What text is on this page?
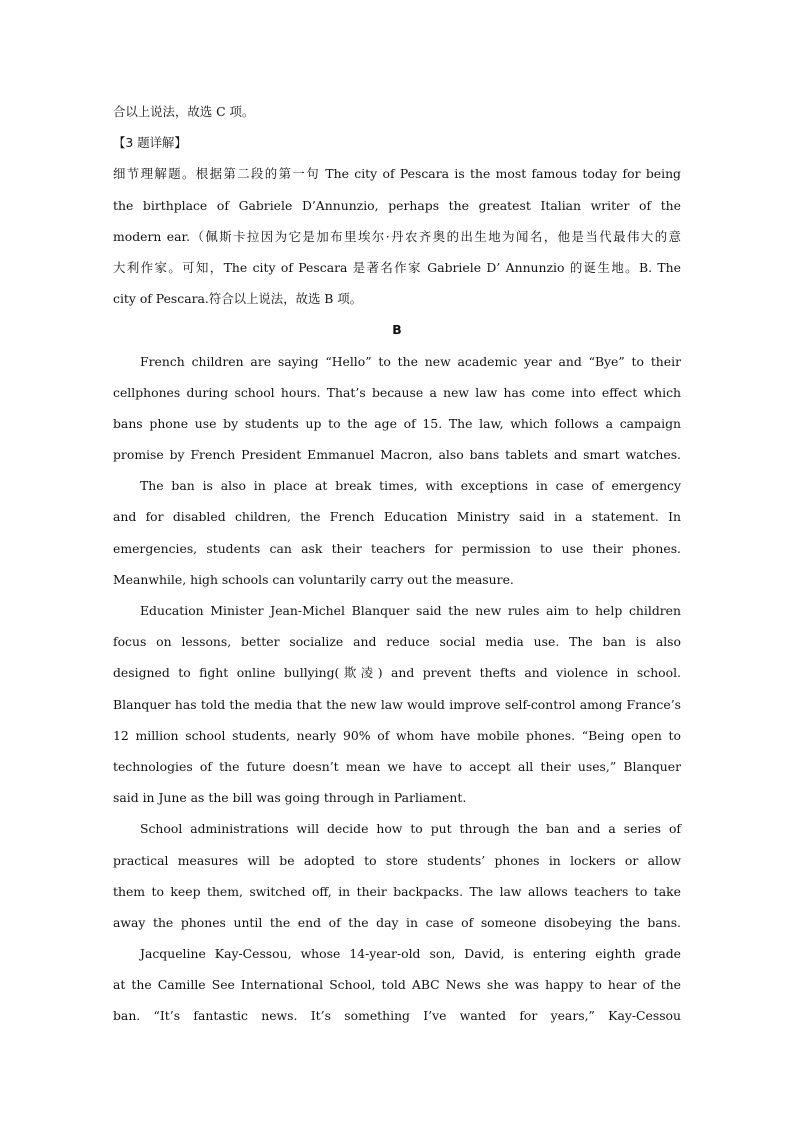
合以上说法，故选 C 项。
【3 题详解】
细节理解题。根据第二段的第一句 The city of Pescara is the most famous today for being
the birthplace of Gabriele D’Annunzio, perhaps the greatest Italian writer of the
modern ear.（佩斯卡拉因为它是加布里埃尔·丹农齐奥的出生地为闻名，他是当代最伟大的意
大利作家。可知，The city of Pescara 是著名作家 Gabriele D’ Annunzio 的诞生地。B. The
city of Pescara.符合以上说法，故选 B 项。
B
French children are saying “Hello” to the new academic year and “Bye” to their
cellphones during school hours. That’s because a new law has come into effect which
bans phone use by students up to the age of 15. The law, which follows a campaign
promise by French President Emmanuel Macron, also bans tablets and smart watches.
The ban is also in place at break times, with exceptions in case of emergency
and for disabled children, the French Education Ministry said in a statement. In
emergencies, students can ask their teachers for permission to use their phones.
Meanwhile, high schools can voluntarily carry out the measure.
Education Minister Jean-Michel Blanquer said the new rules aim to help children
focus on lessons, better socialize and reduce social media use. The ban is also
designed to fight online bullying(欺凌) and prevent thefts and violence in school.
Blanquer has told the media that the new law would improve self-control among France’s
12 million school students, nearly 90% of whom have mobile phones. “Being open to
technologies of the future doesn’t mean we have to accept all their uses,” Blanquer
said in June as the bill was going through in Parliament.
School administrations will decide how to put through the ban and a series of
practical measures will be adopted to store students’ phones in lockers or allow
them to keep them, switched off, in their backpacks. The law allows teachers to take
away the phones until the end of the day in case of someone disobeying the bans.
Jacqueline Kay-Cessou, whose 14-year-old son, David, is entering eighth grade
at the Camille See International School, told ABC News she was happy to hear of the
ban. “It’s fantastic news. It’s something I’ve wanted for years,” Kay-Cessou
